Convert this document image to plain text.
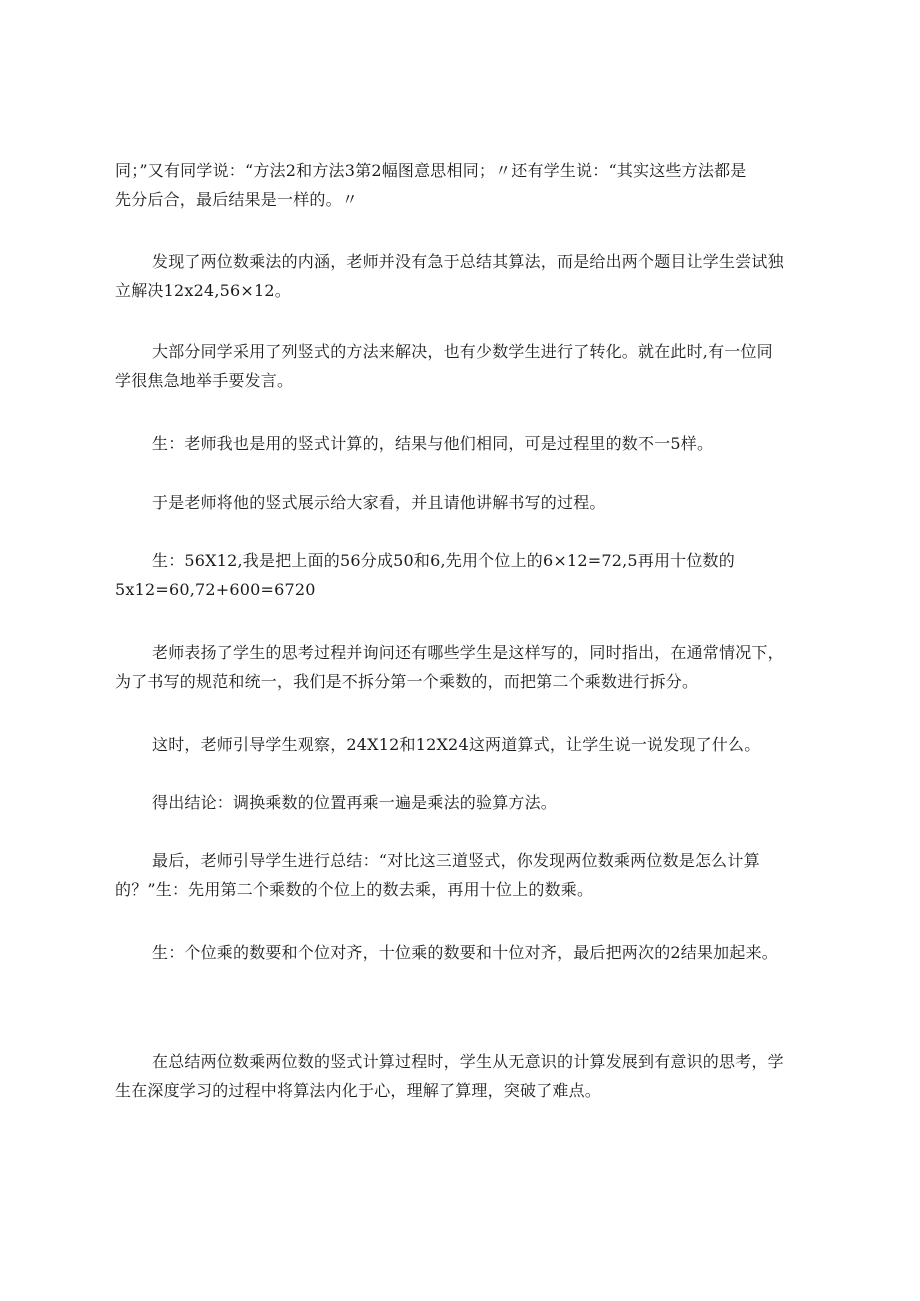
同；”又有同学说：“方法2和方法3第2幅图意思相同；〃还有学生说：“其实这些方法都是
先分后合，最后结果是一样的。〃

发现了两位数乘法的内涵，老师并没有急于总结其算法，而是给出两个题目让学生尝试独
立解决12x24,56×12。

大部分同学采用了列竖式的方法来解决，也有少数学生进行了转化。就在此时,有一位同
学很焦急地举手要发言。

生：老师我也是用的竖式计算的，结果与他们相同，可是过程里的数不一5样。

于是老师将他的竖式展示给大家看，并且请他讲解书写的过程。

生：56X12,我是把上面的56分成50和6,先用个位上的6×12=72,5再用十位数的
5x12=60,72+600=6720

老师表扬了学生的思考过程并询问还有哪些学生是这样写的，同时指出，在通常情况下，
为了书写的规范和统一，我们是不拆分第一个乘数的，而把第二个乘数进行拆分。

这时，老师引导学生观察，24X12和12X24这两道算式，让学生说一说发现了什么。

得出结论：调换乘数的位置再乘一遍是乘法的验算方法。

最后，老师引导学生进行总结：“对比这三道竖式，你发现两位数乘两位数是怎么计算
的？”生：先用第二个乘数的个位上的数去乘，再用十位上的数乘。

生：个位乘的数要和个位对齐，十位乘的数要和十位对齐，最后把两次的2结果加起来。

在总结两位数乘两位数的竖式计算过程时，学生从无意识的计算发展到有意识的思考，学
生在深度学习的过程中将算法内化于心，理解了算理，突破了难点。
